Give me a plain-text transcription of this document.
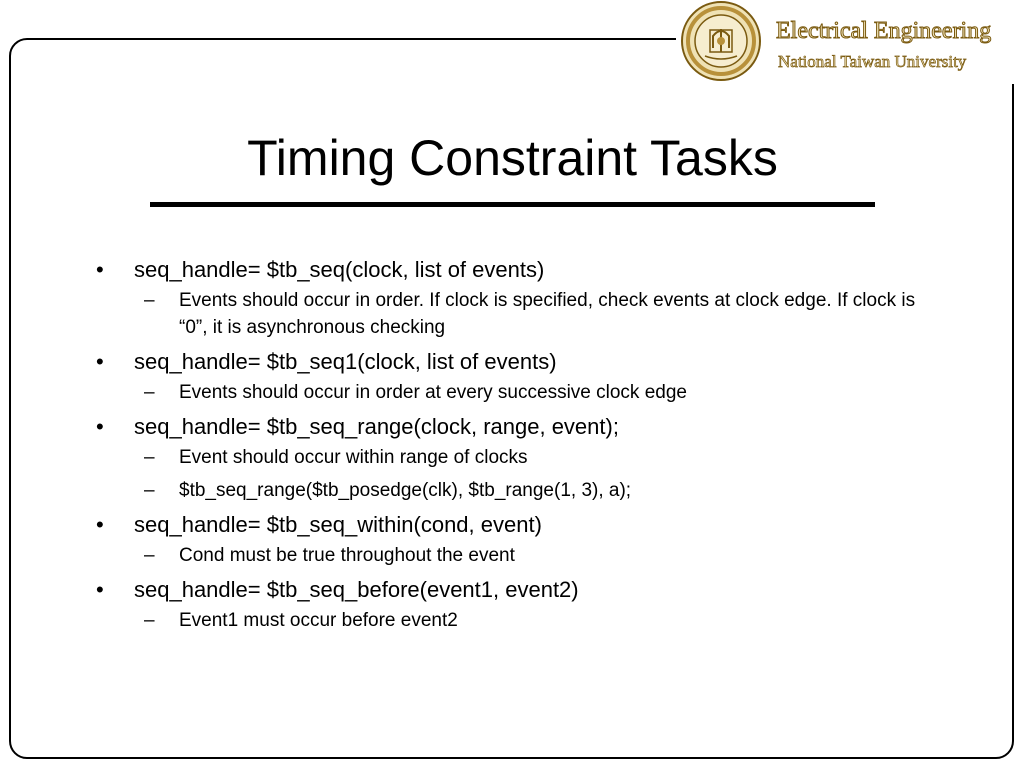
Electrical Engineering
National Taiwan University
Timing Constraint Tasks
•	seq_handle= $tb_seq(clock, list of events)
– Events should occur in order. If clock is specified, check events at clock edge. If clock is “0”, it is asynchronous checking
•	seq_handle= $tb_seq1(clock, list of events)
– Events should occur in order at every successive clock edge
•	seq_handle= $tb_seq_range(clock, range, event);
– Event should occur within range of clocks
– $tb_seq_range($tb_posedge(clk), $tb_range(1, 3), a);
•	seq_handle= $tb_seq_within(cond, event)
– Cond must be true throughout the event
•	seq_handle= $tb_seq_before(event1, event2)
– Event1 must occur before event2
